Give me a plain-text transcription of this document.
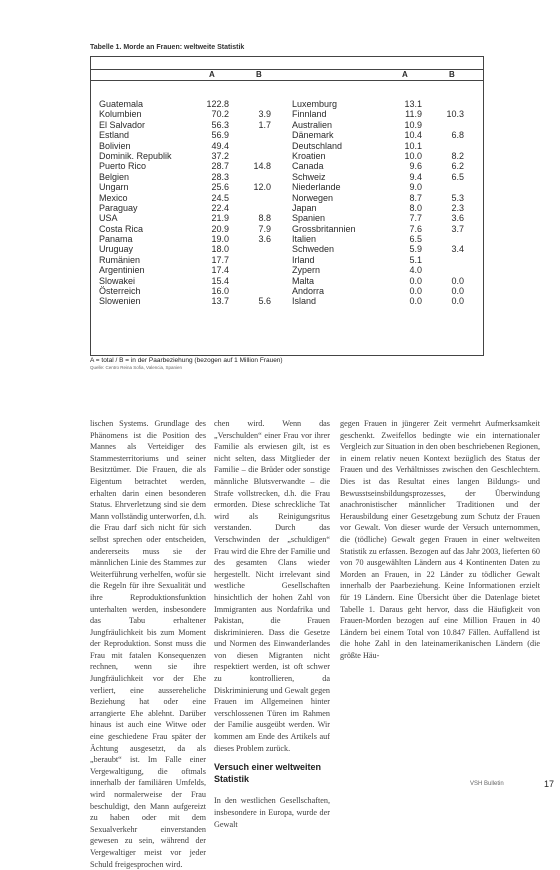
Tabelle 1. Morde an Frauen: weltweite Statistik
A	B	A	B
Guatemala	122.8
Kolumbien	70.2	3.9
El Salvador	56.3	1.7
Estland	56.9
Bolivien	49.4
Dominik. Republik	37.2
Puerto Rico	28.7	14.8
Belgien	28.3
Ungarn	25.6	12.0
Mexico	24.5
Paraguay	22.4
USA	21.9	8.8
Costa Rica	20.9	7.9
Panama	19.0	3.6
Uruguay	18.0
Rumänien	17.7
Argentinien	17.4
Slowakei	15.4
Österreich	16.0
Slowenien	13.7	5.6
Luxemburg	13.1
Finnland	11.9	10.3
Australien	10.9
Dänemark	10.4	6.8
Deutschland	10.1
Kroatien	10.0	8.2
Canada	9.6	6.2
Schweiz	9.4	6.5
Niederlande	9.0
Norwegen	8.7	5.3
Japan	8.0	2.3
Spanien	7.7	3.6
Grossbritannien	7.6	3.7
Italien	6.5
Schweden	5.9	3.4
Irland	5.1
Zypern	4.0
Malta	0.0	0.0
Andorra	0.0	0.0
Island	0.0	0.0
A = total / B = in der Paarbeziehung (bezogen auf 1 Million Frauen)
Quelle: Centro Reina Sofia, Valencia, Spanien

lischen Systems. Grundlage des Phänomens ist die Position des Mannes als Verteidiger des Stammesterritoriums und seiner Besitztümer. Die Frauen, die als Eigentum betrachtet werden, erhalten darin einen besonderen Status. Ehrverletzung sind sie dem Mann vollständig unterworfen, d.h. die Frau darf sich nicht für sich selbst sprechen oder entscheiden, andererseits muss sie der männlichen Linie des Stammes zur Weiterführung verhelfen, wofür sie die Regeln für ihre Sexualität und ihre Reproduktionsfunktion unterhalten werden, insbesondere das Tabu erhaltener Jungfräulichkeit bis zum Moment der Reproduktion. Sonst muss die Frau mit fatalen Konsequenzen rechnen, wenn sie ihre Jungfräulichkeit vor der Ehe verliert, eine aussereheliche Beziehung hat oder eine arrangierte Ehe ablehnt. Darüber hinaus ist auch eine Witwe oder eine geschiedene Frau später der Ächtung ausgesetzt, da als „beraubt“ ist. Im Falle einer Vergewaltigung, die oftmals innerhalb der familiären Umfelds, wird normalerweise der Frau beschuldigt, den Mann aufgereizt zu haben oder mit dem Sexualverkehr einverstanden gewesen zu sein, während der Vergewaltiger meist vor jeder Schuld freigesprochen wird.

chen wird. Wenn das „Verschulden“ einer Frau vor ihrer Familie als erwiesen gilt, ist es nicht selten, dass Mitglieder der Familie – die Brüder oder sonstige männliche Blutsverwandte – die Strafe vollstrecken, d.h. die Frau ermorden. Diese schreckliche Tat wird als Reinigungsritus verstanden. Durch das Verschwinden der „schuldigen“ Frau wird die Ehre der Familie und des gesamten Clans wieder hergestellt. Nicht irrelevant sind westliche Gesellschaften hinsichtlich der hohen Zahl von Immigranten aus Nordafrika und Pakistan, die Frauen diskriminieren. Dass die Gesetze und Normen des Einwanderlandes von diesen Migranten nicht respektiert werden, ist oft schwer zu kontrollieren, da Diskriminierung und Gewalt gegen Frauen im Allgemeinen hinter verschlossenen Türen im Rahmen der Familie ausgeübt werden. Wir kommen am Ende des Artikels auf dieses Problem zurück.

Versuch einer weltweiten Statistik

In den westlichen Gesellschaften, insbesondere in Europa, wurde der Gewalt

gegen Frauen in jüngerer Zeit vermehrt Aufmerksamkeit geschenkt. Zweifellos bedingte wie ein internationaler Vergleich zur Situation in den oben beschriebenen Regionen, in einem relativ neuen Kontext bezüglich des Status der Frauen und des Verhältnisses zwischen den Geschlechtern. Dies ist das Resultat eines langen Bildungs- und Bewusstseinsbildungsprozesses, der Überwindung anachronistischer männlicher Traditionen und der Herausbildung einer Gesetzgebung zum Schutz der Frauen vor Gewalt. Von dieser wurde der Versuch unternommen, die (tödliche) Gewalt gegen Frauen in einer weltweiten Statistik zu erfassen. Bezogen auf das Jahr 2003, lieferten 60 von 70 ausgewählten Ländern aus 4 Kontinenten Daten zu Morden an Frauen, in 22 Länder zu tödlicher Gewalt innerhalb der Paarbeziehung. Keine Informationen erzielt für 19 Ländern. Eine Übersicht über die Datenlage bietet Tabelle 1. Daraus geht hervor, dass die Häufigkeit von Frauen-Morden bezogen auf eine Million Frauen in 40 Ländern bei einem Total von 10.847 Fällen. Auffallend ist die hohe Zahl in den lateinamerikanischen Ländern (die größte Häu-

VSH Bulletin	17
